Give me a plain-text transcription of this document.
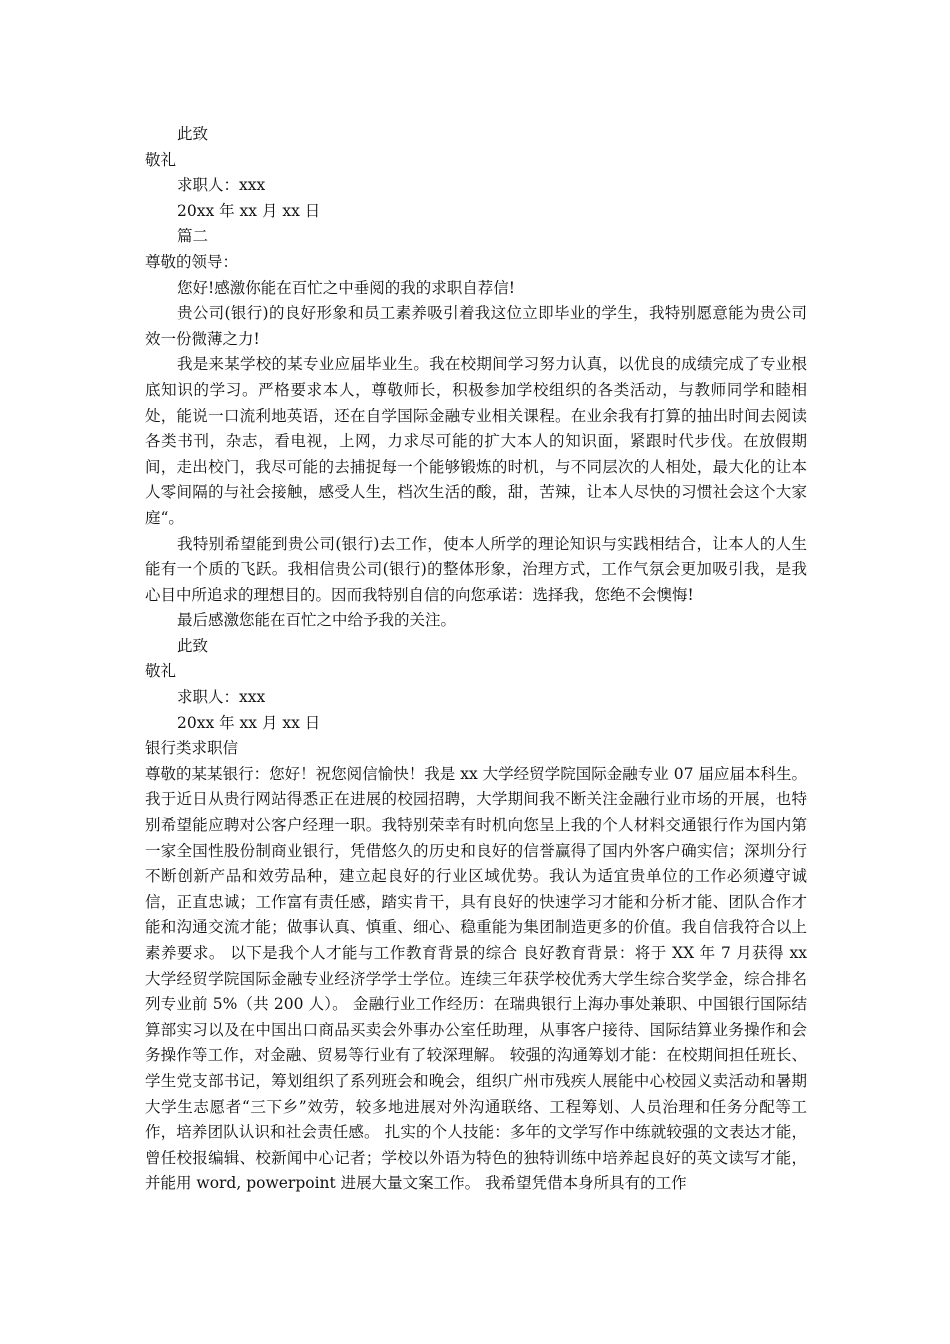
此致

敬礼

求职人：xxx

20xx 年 xx 月 xx 日

篇二

尊敬的领导：

您好!感激你能在百忙之中垂阅的我的求职自荐信!

贵公司(银行)的良好形象和员工素养吸引着我这位立即毕业的学生，我特别愿意能为贵公司效一份微薄之力!

我是来某学校的某专业应届毕业生。我在校期间学习努力认真，以优良的成绩完成了专业根底知识的学习。严格要求本人，尊敬师长，积极参加学校组织的各类活动，与教师同学和睦相处，能说一口流利地英语，还在自学国际金融专业相关课程。在业余我有打算的抽出时间去阅读各类书刊，杂志，看电视，上网，力求尽可能的扩大本人的知识面，紧跟时代步伐。在放假期间，走出校门，我尽可能的去捕捉每一个能够锻炼的时机，与不同层次的人相处，最大化的让本人零间隔的与社会接触，感受人生，档次生活的酸，甜，苦辣，让本人尽快的习惯社会这个大家庭“。

我特别希望能到贵公司(银行)去工作，使本人所学的理论知识与实践相结合，让本人的人生能有一个质的飞跃。我相信贵公司(银行)的整体形象，治理方式，工作气氛会更加吸引我，是我心目中所追求的理想目的。因而我特别自信的向您承诺：选择我，您绝不会懊悔!

最后感激您能在百忙之中给予我的关注。

此致

敬礼

求职人：xxx

20xx 年 xx 月 xx 日

银行类求职信

尊敬的某某银行：您好！祝您阅信愉快！我是 xx 大学经贸学院国际金融专业 07 届应届本科生。我于近日从贵行网站得悉正在进展的校园招聘，大学期间我不断关注金融行业市场的开展，也特别希望能应聘对公客户经理一职。我特别荣幸有时机向您呈上我的个人材料交通银行作为国内第一家全国性股份制商业银行，凭借悠久的历史和良好的信誉赢得了国内外客户确实信；深圳分行不断创新产品和效劳品种，建立起良好的行业区域优势。我认为适宜贵单位的工作必须遵守诚信，正直忠诚；工作富有责任感，踏实肯干，具有良好的快速学习才能和分析才能、团队合作才能和沟通交流才能；做事认真、慎重、细心、稳重能为集团制造更多的价值。我自信我符合以上素养要求。 以下是我个人才能与工作教育背景的综合 良好教育背景：将于 XX 年 7 月获得 xx 大学经贸学院国际金融专业经济学学士学位。连续三年获学校优秀大学生综合奖学金，综合排名列专业前 5%（共 200 人）。 金融行业工作经历：在瑞典银行上海办事处兼职、中国银行国际结算部实习以及在中国出口商品买卖会外事办公室任助理，从事客户接待、国际结算业务操作和会务操作等工作，对金融、贸易等行业有了较深理解。 较强的沟通筹划才能：在校期间担任班长、学生党支部书记，筹划组织了系列班会和晚会，组织广州市残疾人展能中心校园义卖活动和暑期大学生志愿者“三下乡”效劳，较多地进展对外沟通联络、工程筹划、人员治理和任务分配等工作，培养团队认识和社会责任感。 扎实的个人技能：多年的文学写作中练就较强的文表达才能，曾任校报编辑、校新闻中心记者；学校以外语为特色的独特训练中培养起良好的英文读写才能，并能用 word, powerpoint 进展大量文案工作。 我希望凭借本身所具有的工作
